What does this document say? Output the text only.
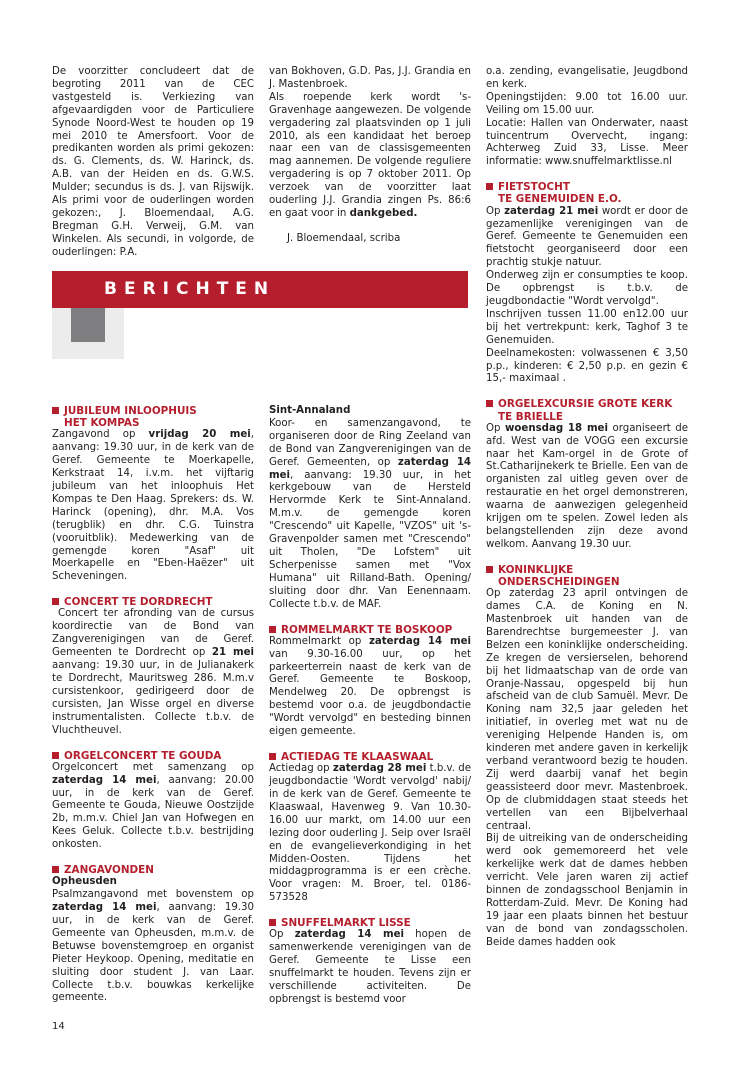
De voorzitter concludeert dat de begroting 2011 van de CEC vastgesteld is. Verkiezing van afgevaardigden voor de Particuliere Synode Noord-West te houden op 19 mei 2010 te Amersfoort. Voor de predikanten worden als primi gekozen: ds. G. Clements, ds. W. Harinck, ds. A.B. van der Heiden en ds. G.W.S. Mulder; secundus is ds. J. van Rijswijk. Als primi voor de ouderlingen worden gekozen:, J. Bloemendaal, A.G. Bregman G.H. Verweij, G.M. van Winkelen. Als secundi, in volgorde, de ouderlingen: P.A.

van Bokhoven, G.D. Pas, J.J. Grandia en J. Mastenbroek.

Als roepende kerk wordt 's-Gravenhage aangewezen. De volgende vergadering zal plaatsvinden op 1 juli 2010, als een kandidaat het beroep naar een van de classisgemeenten mag aannemen. De volgende reguliere vergadering is op 7 oktober 2011. Op verzoek van de voorzitter laat ouderling J.J. Grandia zingen Ps. 86:6 en gaat voor in dankgebed.

J. Bloemendaal, scriba

o.a. zending, evangelisatie, Jeugdbond en kerk.

Openingstijden: 9.00 tot 16.00 uur. Veiling om 15.00 uur.

Locatie: Hallen van Onderwater, naast tuincentrum Overvecht, ingang: Achterweg Zuid 33, Lisse. Meer informatie: www.snuffelmarktlisse.nl

FIETSTOCHT
TE GENEMUIDEN E.O.

Op zaterdag 21 mei wordt er door de gezamenlijke verenigingen van de Geref. Gemeente te Genemuiden een fietstocht georganiseerd door een prachtig stukje natuur.

Onderweg zijn er consumpties te koop. De opbrengst is t.b.v. de jeugdbondactie "Wordt vervolgd".

Inschrijven tussen 11.00 en12.00 uur bij het vertrekpunt: kerk, Taghof 3 te Genemuiden.

Deelnamekosten: volwassenen € 3,50 p.p., kinderen: € 2,50 p.p. en gezin € 15,- maximaal .

ORGELEXCURSIE GROTE KERK
TE BRIELLE

Op woensdag 18 mei organiseert de afd. West van de VOGG een excursie naar het Kam-orgel in de Grote of St.Catharijnekerk te Brielle. Een van de organisten zal uitleg geven over de restauratie en het orgel demonstreren, waarna de aanwezigen gelegenheid krijgen om te spelen. Zowel leden als belangstellenden zijn deze avond welkom. Aanvang 19.30 uur.

KONINKLIJKE
ONDERSCHEIDINGEN

Op zaterdag 23 april ontvingen de dames C.A. de Koning en N. Mastenbroek uit handen van de Barendrechtse burgemeester J. van Belzen een koninklijke onderscheiding. Ze kregen de versierselen, behorend bij het lidmaatschap van de orde van Oranje-Nassau, opgespeld bij hun afscheid van de club Samuël. Mevr. De Koning nam 32,5 jaar geleden het initiatief, in overleg met wat nu de vereniging Helpende Handen is, om kinderen met andere gaven in kerkelijk verband verantwoord bezig te houden. Zij werd daarbij vanaf het begin geassisteerd door mevr. Mastenbroek. Op de clubmiddagen staat steeds het vertellen van een Bijbelverhaal centraal.

Bij de uitreiking van de onderscheiding werd ook gememoreerd het vele kerkelijke werk dat de dames hebben verricht. Vele jaren waren zij actief binnen de zondagsschool Benjamin in Rotterdam-Zuid. Mevr. De Koning had 19 jaar een plaats binnen het bestuur van de bond van zondagsscholen. Beide dames hadden ook

BERICHTEN
JUBILEUM INLOOPHUIS
HET KOMPAS

Zangavond op vrijdag 20 mei, aanvang: 19.30 uur, in de kerk van de Geref. Gemeente te Moerkapelle, Kerkstraat 14, i.v.m. het vijftarig jubileum van het inloophuis Het Kompas te Den Haag. Sprekers: ds. W. Harinck (opening), dhr. M.A. Vos (terugblik) en dhr. C.G. Tuinstra (vooruitblik). Medewerking van de gemengde koren "Asaf" uit Moerkapelle en "Eben-Haëzer" uit Scheveningen.

CONCERT TE DORDRECHT

Concert ter afronding van de cursus koordirectie van de Bond van Zangverenigingen van de Geref. Gemeenten te Dordrecht op 21 mei aanvang: 19.30 uur, in de Julianakerk te Dordrecht, Mauritsweg 286. M.m.v cursistenkoor, gedirigeerd door de cursisten, Jan Wisse orgel en diverse instrumentalisten. Collecte t.b.v. de Vluchtheuvel.

ORGELCONCERT TE GOUDA

Orgelconcert met samenzang op zaterdag 14 mei, aanvang: 20.00 uur, in de kerk van de Geref. Gemeente te Gouda, Nieuwe Oostzijde 2b, m.m.v. Chiel Jan van Hofwegen en Kees Geluk. Collecte t.b.v. bestrijding onkosten.

ZANGAVONDEN

Opheusden

Psalmzangavond met bovenstem op zaterdag 14 mei, aanvang: 19.30 uur, in de kerk van de Geref. Gemeente van Opheusden, m.m.v. de Betuwse bovenstemgroep en organist Pieter Heykoop. Opening, meditatie en sluiting door student J. van Laar. Collecte t.b.v. bouwkas kerkelijke gemeente.

Sint-Annaland

Koor- en samenzangavond, te organiseren door de Ring Zeeland van de Bond van Zangverenigingen van de Geref. Gemeenten, op zaterdag 14 mei, aanvang: 19.30 uur, in het kerkgebouw van de Hersteld Hervormde Kerk te Sint-Annaland. M.m.v. de gemengde koren "Crescendo" uit Kapelle, "VZOS" uit 's-Gravenpolder samen met "Crescendo" uit Tholen, "De Lofstem" uit Scherpenisse samen met "Vox Humana" uit Rilland-Bath. Opening/ sluiting door dhr. Van Eenennaam. Collecte t.b.v. de MAF.

ROMMELMARKT TE BOSKOOP

Rommelmarkt op zaterdag 14 mei van 9.30-16.00 uur, op het parkeerterrein naast de kerk van de Geref. Gemeente te Boskoop, Mendelweg 20. De opbrengst is bestemd voor o.a. de jeugdbondactie "Wordt vervolgd" en besteding binnen eigen gemeente.

ACTIEDAG TE KLAASWAAL

Actiedag op zaterdag 28 mei t.b.v. de jeugdbondactie 'Wordt vervolgd' nabij/ in de kerk van de Geref. Gemeente te Klaaswaal, Havenweg 9. Van 10.30-16.00 uur markt, om 14.00 uur een lezing door ouderling J. Seip over Israël en de evangelieverkondiging in het Midden-Oosten. Tijdens het middagprogramma is er een crèche. Voor vragen: M. Broer, tel. 0186-573528

SNUFFELMARKT LISSE

Op zaterdag 14 mei hopen de samenwerkende verenigingen van de Geref. Gemeente te Lisse een snuffelmarkt te houden. Tevens zijn er verschillende activiteiten. De opbrengst is bestemd voor

14
